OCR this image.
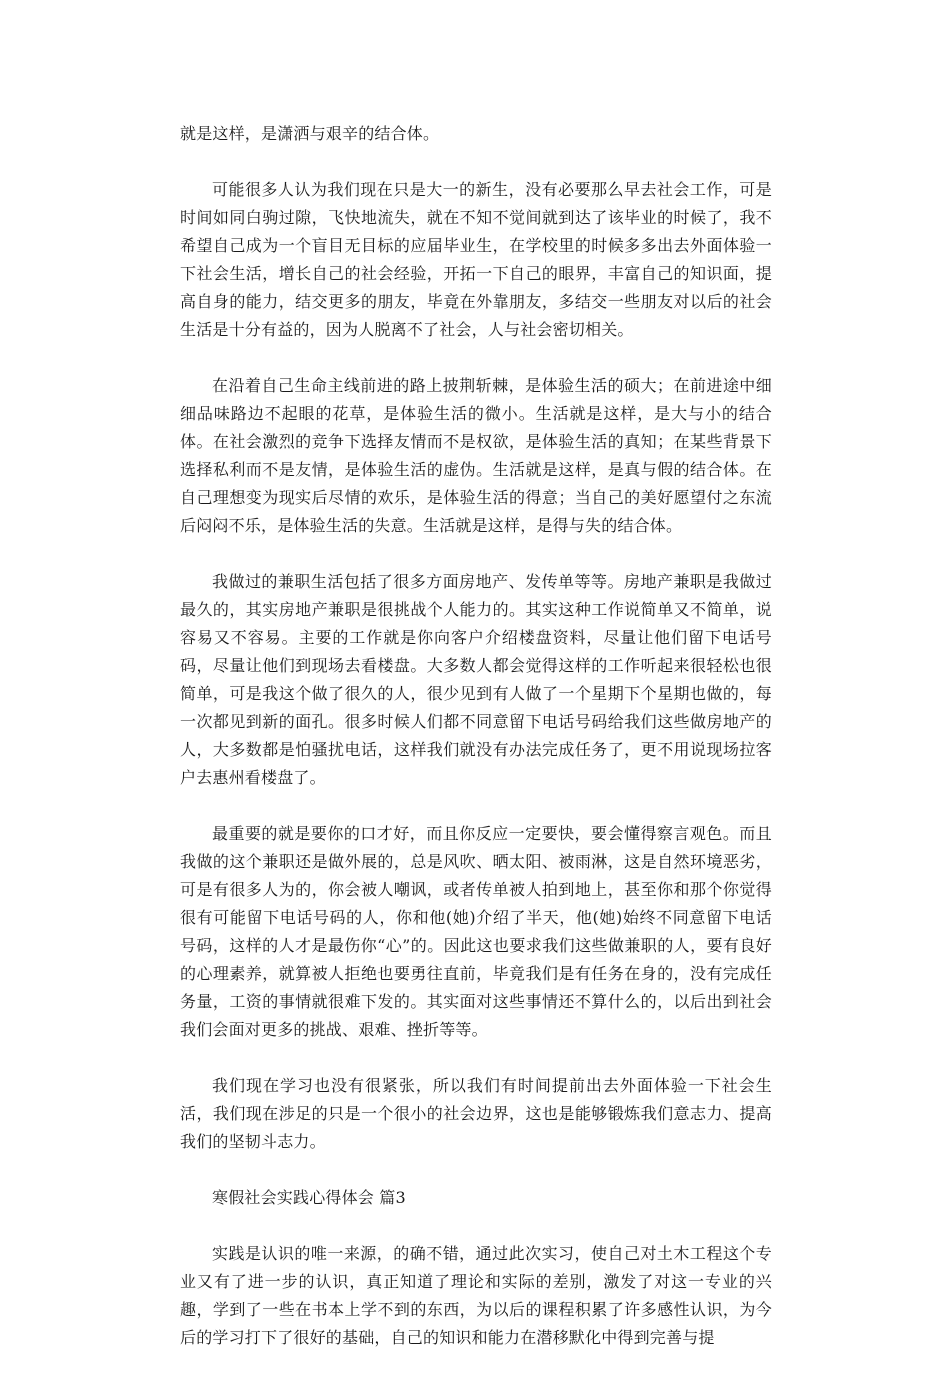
就是这样，是潇洒与艰辛的结合体。

可能很多人认为我们现在只是大一的新生，没有必要那么早去社会工作，可是时间如同白驹过隙，飞快地流失，就在不知不觉间就到达了该毕业的时候了，我不希望自己成为一个盲目无目标的应届毕业生，在学校里的时候多多出去外面体验一下社会生活，增长自己的社会经验，开拓一下自己的眼界，丰富自己的知识面，提高自身的能力，结交更多的朋友，毕竟在外靠朋友，多结交一些朋友对以后的社会生活是十分有益的，因为人脱离不了社会，人与社会密切相关。

在沿着自己生命主线前进的路上披荆斩棘，是体验生活的硕大；在前进途中细细品味路边不起眼的花草，是体验生活的微小。生活就是这样，是大与小的结合体。在社会激烈的竞争下选择友情而不是权欲，是体验生活的真知；在某些背景下选择私利而不是友情，是体验生活的虚伪。生活就是这样，是真与假的结合体。在自己理想变为现实后尽情的欢乐，是体验生活的得意；当自己的美好愿望付之东流后闷闷不乐，是体验生活的失意。生活就是这样，是得与失的结合体。

我做过的兼职生活包括了很多方面房地产、发传单等等。房地产兼职是我做过最久的，其实房地产兼职是很挑战个人能力的。其实这种工作说简单又不简单，说容易又不容易。主要的工作就是你向客户介绍楼盘资料，尽量让他们留下电话号码，尽量让他们到现场去看楼盘。大多数人都会觉得这样的工作听起来很轻松也很简单，可是我这个做了很久的人，很少见到有人做了一个星期下个星期也做的，每一次都见到新的面孔。很多时候人们都不同意留下电话号码给我们这些做房地产的人，大多数都是怕骚扰电话，这样我们就没有办法完成任务了，更不用说现场拉客户去惠州看楼盘了。

最重要的就是要你的口才好，而且你反应一定要快，要会懂得察言观色。而且我做的这个兼职还是做外展的，总是风吹、晒太阳、被雨淋，这是自然环境恶劣，可是有很多人为的，你会被人嘲讽，或者传单被人拍到地上，甚至你和那个你觉得很有可能留下电话号码的人，你和他(她)介绍了半天，他(她)始终不同意留下电话号码，这样的人才是最伤你“心”的。因此这也要求我们这些做兼职的人，要有良好的心理素养，就算被人拒绝也要勇往直前，毕竟我们是有任务在身的，没有完成任务量，工资的事情就很难下发的。其实面对这些事情还不算什么的，以后出到社会我们会面对更多的挑战、艰难、挫折等等。

我们现在学习也没有很紧张，所以我们有时间提前出去外面体验一下社会生活，我们现在涉足的只是一个很小的社会边界，这也是能够锻炼我们意志力、提高我们的坚韧斗志力。

寒假社会实践心得体会 篇3

实践是认识的唯一来源，的确不错，通过此次实习，使自己对土木工程这个专业又有了进一步的认识，真正知道了理论和实际的差别，激发了对这一专业的兴趣，学到了一些在书本上学不到的东西，为以后的课程积累了许多感性认识，为今后的学习打下了很好的基础，自己的知识和能力在潜移默化中得到完善与提
